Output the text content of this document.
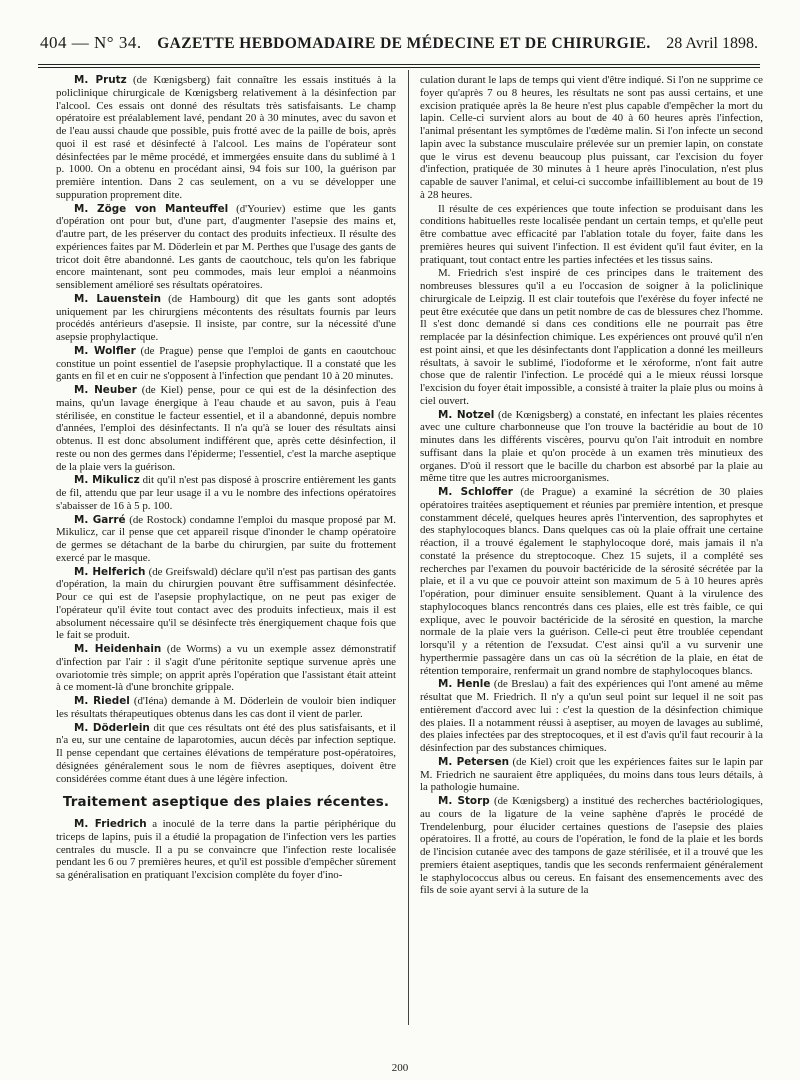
404 — N° 34. GAZETTE HEBDOMADAIRE DE MÉDECINE ET DE CHIRURGIE. 28 Avril 1898.

M. Prutz (de Kœnigsberg) fait connaître les essais institués à la policlinique chirurgicale de Kœnigsberg relativement à la désinfection par l'alcool. Ces essais ont donné des résultats très satisfaisants. Le champ opératoire est préalablement lavé, pendant 20 à 30 minutes, avec du savon et de l'eau aussi chaude que possible, puis frotté avec de la paille de bois, après quoi il est rasé et désinfecté à l'alcool. Les mains de l'opérateur sont désinfectées par le même procédé, et immergées ensuite dans du sublimé à 1 p. 1000. On a obtenu en procédant ainsi, 94 fois sur 100, la guérison par première intention. Dans 2 cas seulement, on a vu se développer une suppuration proprement dite.

M. Zöge von Manteuffel (d'Youriev) estime que les gants d'opération ont pour but, d'une part, d'augmenter l'asepsie des mains et, d'autre part, de les préserver du contact des produits infectieux. Il résulte des expériences faites par M. Döderlein et par M. Perthes que l'usage des gants de tricot doit être abandonné. Les gants de caoutchouc, tels qu'on les fabrique encore maintenant, sont peu commodes, mais leur emploi a néanmoins sensiblement amélioré ses résultats opératoires.

M. Lauenstein (de Hambourg) dit que les gants sont adoptés uniquement par les chirurgiens mécontents des résultats fournis par leurs procédés antérieurs d'asepsie. Il insiste, par contre, sur la nécessité d'une asepsie prophylactique.

M. Wolfler (de Prague) pense que l'emploi de gants en caoutchouc constitue un point essentiel de l'asepsie prophylactique. Il a constaté que les gants en fil et en cuir ne s'opposent à l'infection que pendant 10 à 20 minutes.

M. Neuber (de Kiel) pense, pour ce qui est de la désinfection des mains, qu'un lavage énergique à l'eau chaude et au savon, puis à l'eau stérilisée, en constitue le facteur essentiel, et il a abandonné, depuis nombre d'années, l'emploi des désinfectants. Il n'a qu'à se louer des résultats ainsi obtenus. Il est donc absolument indifférent que, après cette désinfection, il reste ou non des germes dans l'épiderme; l'essentiel, c'est la marche aseptique de la plaie vers la guérison.

M. Mikulicz dit qu'il n'est pas disposé à proscrire entièrement les gants de fil, attendu que par leur usage il a vu le nombre des infections opératoires s'abaisser de 16 à 5 p. 100.

M. Garré (de Rostock) condamne l'emploi du masque proposé par M. Mikulicz, car il pense que cet appareil risque d'inonder le champ opératoire de germes se détachant de la barbe du chirurgien, par suite du frottement exercé par le masque.

M. Helferich (de Greifswald) déclare qu'il n'est pas partisan des gants d'opération, la main du chirurgien pouvant être suffisamment désinfectée. Pour ce qui est de l'asepsie prophylactique, on ne peut pas exiger de l'opérateur qu'il évite tout contact avec des produits infectieux, mais il est absolument nécessaire qu'il se désinfecte très énergiquement chaque fois que le fait se produit.

M. Heidenhain (de Worms) a vu un exemple assez démonstratif d'infection par l'air : il s'agit d'une péritonite septique survenue après une ovariotomie très simple; on apprit après l'opération que l'assistant était atteint à ce moment-là d'une bronchite grippale.

M. Riedel (d'Iéna) demande à M. Döderlein de vouloir bien indiquer les résultats thérapeutiques obtenus dans les cas dont il vient de parler.

M. Döderlein dit que ces résultats ont été des plus satisfaisants, et il n'a eu, sur une centaine de laparotomies, aucun décès par infection septique. Il pense cependant que certaines élévations de température post-opératoires, désignées généralement sous le nom de fièvres aseptiques, doivent être considérées comme étant dues à une légère infection.

Traitement aseptique des plaies récentes.

M. Friedrich a inoculé de la terre dans la partie périphérique du triceps de lapins, puis il a étudié la propagation de l'infection vers les parties centrales du muscle. Il a pu se convaincre que l'infection reste localisée pendant les 6 ou 7 premières heures, et qu'il est possible d'empêcher sûrement sa généralisation en pratiquant l'excision complète du foyer d'ino-

culation durant le laps de temps qui vient d'être indiqué. Si l'on ne supprime ce foyer qu'après 7 ou 8 heures, les résultats ne sont pas aussi certains, et une excision pratiquée après la 8e heure n'est plus capable d'empêcher la mort du lapin. Celle-ci survient alors au bout de 40 à 60 heures après l'infection, l'animal présentant les symptômes de l'œdème malin. Si l'on infecte un second lapin avec la substance musculaire prélevée sur un premier lapin, on constate que le virus est devenu beaucoup plus puissant, car l'excision du foyer d'infection, pratiquée de 30 minutes à 1 heure après l'inoculation, n'est plus capable de sauver l'animal, et celui-ci succombe infailliblement au bout de 19 à 28 heures.

Il résulte de ces expériences que toute infection se produisant dans les conditions habituelles reste localisée pendant un certain temps, et qu'elle peut être combattue avec efficacité par l'ablation totale du foyer, faite dans les premières heures qui suivent l'infection. Il est évident qu'il faut éviter, en la pratiquant, tout contact entre les parties infectées et les tissus sains.

M. Friedrich s'est inspiré de ces principes dans le traitement des nombreuses blessures qu'il a eu l'occasion de soigner à la policlinique chirurgicale de Leipzig. Il est clair toutefois que l'exérèse du foyer infecté ne peut être exécutée que dans un petit nombre de cas de blessures chez l'homme. Il s'est donc demandé si dans ces conditions elle ne pourrait pas être remplacée par la désinfection chimique. Les expériences ont prouvé qu'il n'en est point ainsi, et que les désinfectants dont l'application a donné les meilleurs résultats, à savoir le sublimé, l'iodoforme et le xéroforme, n'ont fait autre chose que de ralentir l'infection. Le procédé qui a le mieux réussi lorsque l'excision du foyer était impossible, a consisté à traiter la plaie plus ou moins à ciel ouvert.

M. Notzel (de Kœnigsberg) a constaté, en infectant les plaies récentes avec une culture charbonneuse que l'on trouve la bactéridie au bout de 10 minutes dans les différents viscères, pourvu qu'on l'ait introduit en nombre suffisant dans la plaie et qu'on procède à un examen très minutieux des organes. D'où il ressort que le bacille du charbon est absorbé par la plaie au même titre que les autres microorganismes.

M. Schloffer (de Prague) a examiné la sécrétion de 30 plaies opératoires traitées aseptiquement et réunies par première intention, et presque constamment décelé, quelques heures après l'intervention, des saprophytes et des staphylocoques blancs. Dans quelques cas où la plaie offrait une certaine réaction, il a trouvé également le staphylocoque doré, mais jamais il n'a constaté la présence du streptocoque. Chez 15 sujets, il a complété ses recherches par l'examen du pouvoir bactéricide de la sérosité sécrétée par la plaie, et il a vu que ce pouvoir atteint son maximum de 5 à 10 heures après l'opération, pour diminuer ensuite sensiblement. Quant à la virulence des staphylocoques blancs rencontrés dans ces plaies, elle est très faible, ce qui explique, avec le pouvoir bactéricide de la sérosité en question, la marche normale de la plaie vers la guérison. Celle-ci peut être troublée cependant lorsqu'il y a rétention de l'exsudat. C'est ainsi qu'il a vu survenir une hyperthermie passagère dans un cas où la sécrétion de la plaie, en état de rétention temporaire, renfermait un grand nombre de staphylocoques blancs.

M. Henle (de Breslau) a fait des expériences qui l'ont amené au même résultat que M. Friedrich. Il n'y a qu'un seul point sur lequel il ne soit pas entièrement d'accord avec lui : c'est la question de la désinfection chimique des plaies. Il a notamment réussi à aseptiser, au moyen de lavages au sublimé, des plaies infectées par des streptocoques, et il est d'avis qu'il faut recourir à la désinfection par des substances chimiques.

M. Petersen (de Kiel) croit que les expériences faites sur le lapin par M. Friedrich ne sauraient être appliquées, du moins dans tous leurs détails, à la pathologie humaine.

M. Storp (de Kœnigsberg) a institué des recherches bactériologiques, au cours de la ligature de la veine saphène d'après le procédé de Trendelenburg, pour élucider certaines questions de l'asepsie des plaies opératoires. Il a frotté, au cours de l'opération, le fond de la plaie et les bords de l'incision cutanée avec des tampons de gaze stérilisée, et il a trouvé que les premiers étaient aseptiques, tandis que les seconds renfermaient généralement le staphylococcus albus ou cereus. En faisant des ensemencements avec des fils de soie ayant servi à la suture de la

200
